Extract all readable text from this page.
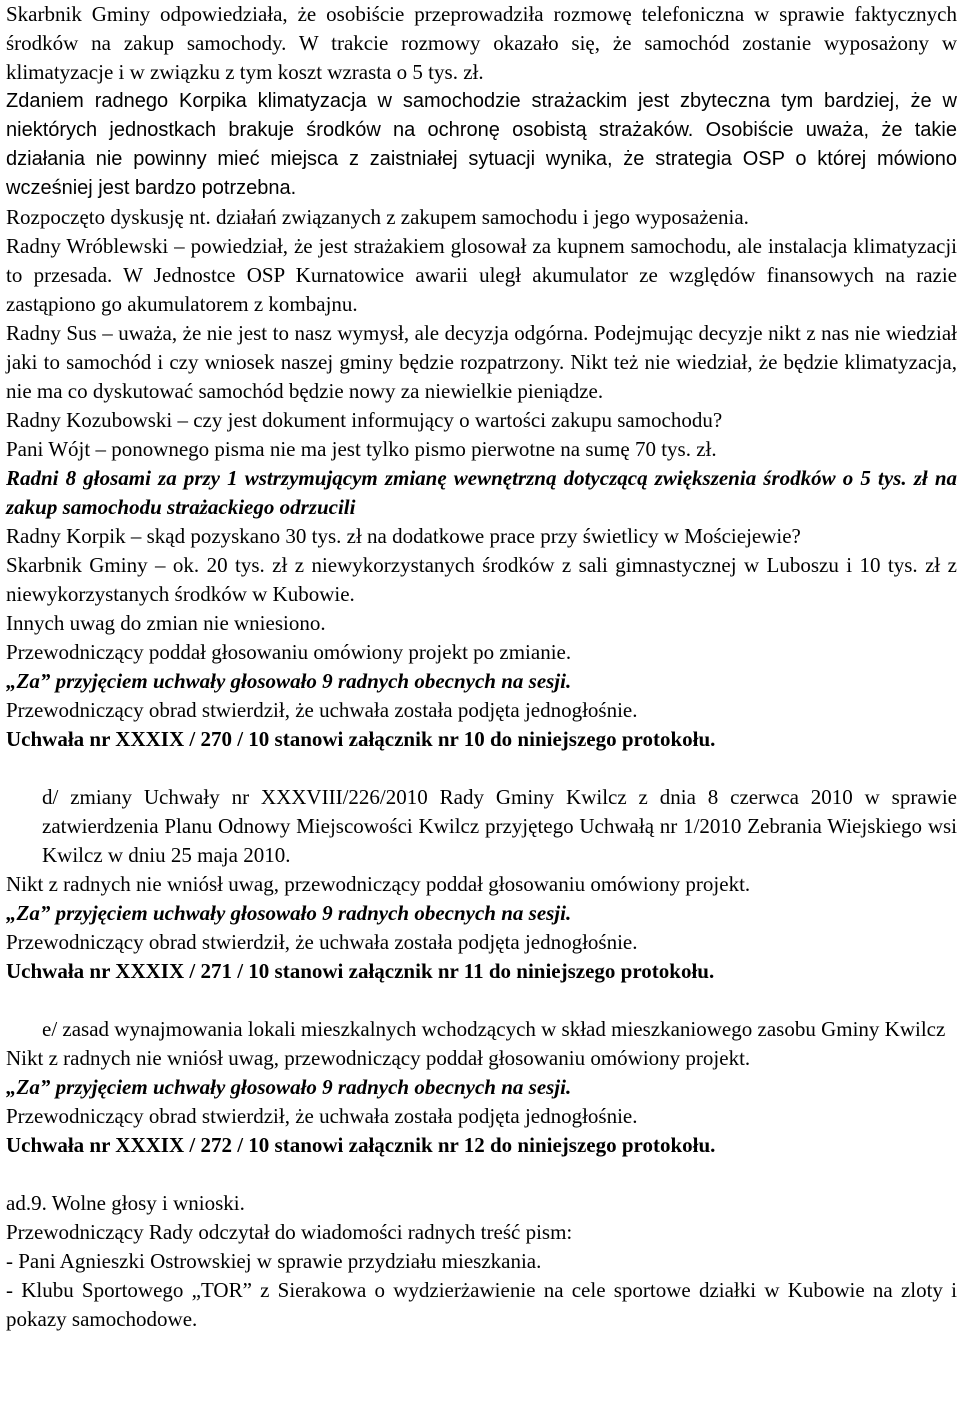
Skarbnik Gminy odpowiedziała, że osobiście przeprowadziła rozmowę telefoniczna w sprawie faktycznych środków na zakup samochody. W trakcie rozmowy okazało się, że samochód zostanie wyposażony w klimatyzacje i w związku z tym koszt wzrasta o 5 tys. zł.

Zdaniem radnego Korpika klimatyzacja w samochodzie strażackim jest zbyteczna tym bardziej, że w niektórych jednostkach brakuje środków na ochronę osobistą strażaków. Osobiście uważa, że takie działania nie powinny mieć miejsca z zaistniałej sytuacji wynika, że strategia OSP o której mówiono wcześniej jest bardzo potrzebna.

Rozpoczęto dyskusję nt. działań związanych z zakupem samochodu i jego wyposażenia.

Radny Wróblewski – powiedział, że jest strażakiem glosował za kupnem samochodu, ale instalacja klimatyzacji to przesada. W Jednostce OSP Kurnatowice awarii uległ akumulator ze względów finansowych na razie zastąpiono go akumulatorem z kombajnu.

Radny Sus – uważa, że nie jest to nasz wymysł, ale decyzja odgórna. Podejmując decyzje nikt z nas nie wiedział jaki to samochód i czy wniosek naszej gminy będzie rozpatrzony. Nikt też nie wiedział, że będzie klimatyzacja, nie ma co dyskutować samochód będzie nowy za niewielkie pieniądze.

Radny Kozubowski – czy jest dokument informujący o wartości zakupu samochodu?

Pani Wójt – ponownego pisma nie ma jest tylko pismo pierwotne na sumę 70 tys. zł.

Radni 8 głosami za przy 1 wstrzymującym zmianę wewnętrzną dotyczącą zwiększenia środków o 5 tys. zł na zakup samochodu strażackiego odrzucili

Radny Korpik – skąd pozyskano 30 tys. zł na dodatkowe prace przy świetlicy w Mościejewie?

Skarbnik Gminy – ok. 20 tys. zł z niewykorzystanych środków z sali gimnastycznej w Luboszu i 10 tys. zł z niewykorzystanych środków w Kubowie.

Innych uwag do zmian nie wniesiono.

Przewodniczący poddał głosowaniu omówiony projekt po zmianie.

„Za” przyjęciem uchwały głosowało 9 radnych obecnych na sesji.

Przewodniczący obrad stwierdził, że uchwała została podjęta jednogłośnie.

Uchwała nr XXXIX / 270 / 10 stanowi załącznik nr 10 do niniejszego protokołu.

d/ zmiany Uchwały nr XXXVIII/226/2010 Rady Gminy Kwilcz z dnia 8 czerwca 2010 w sprawie zatwierdzenia Planu Odnowy Miejscowości Kwilcz przyjętego Uchwałą nr 1/2010 Zebrania Wiejskiego wsi Kwilcz w dniu 25 maja 2010.

Nikt z radnych nie wniósł uwag, przewodniczący poddał głosowaniu omówiony projekt.

„Za” przyjęciem uchwały głosowało 9 radnych obecnych na sesji.

Przewodniczący obrad stwierdził, że uchwała została podjęta jednogłośnie.

Uchwała nr XXXIX / 271 / 10 stanowi załącznik nr 11 do niniejszego protokołu.

e/ zasad wynajmowania lokali mieszkalnych wchodzących w skład mieszkaniowego zasobu Gminy Kwilcz

Nikt z radnych nie wniósł uwag, przewodniczący poddał głosowaniu omówiony projekt.

„Za” przyjęciem uchwały głosowało 9 radnych obecnych na sesji.

Przewodniczący obrad stwierdził, że uchwała została podjęta jednogłośnie.

Uchwała nr XXXIX / 272 / 10 stanowi załącznik nr 12 do niniejszego protokołu.

ad.9. Wolne głosy i wnioski.

Przewodniczący Rady odczytał do wiadomości radnych treść pism:

- Pani Agnieszki Ostrowskiej w sprawie przydziału mieszkania.

- Klubu Sportowego „TOR” z Sierakowa o wydzierżawienie na cele sportowe działki w Kubowie na zloty i pokazy samochodowe.
